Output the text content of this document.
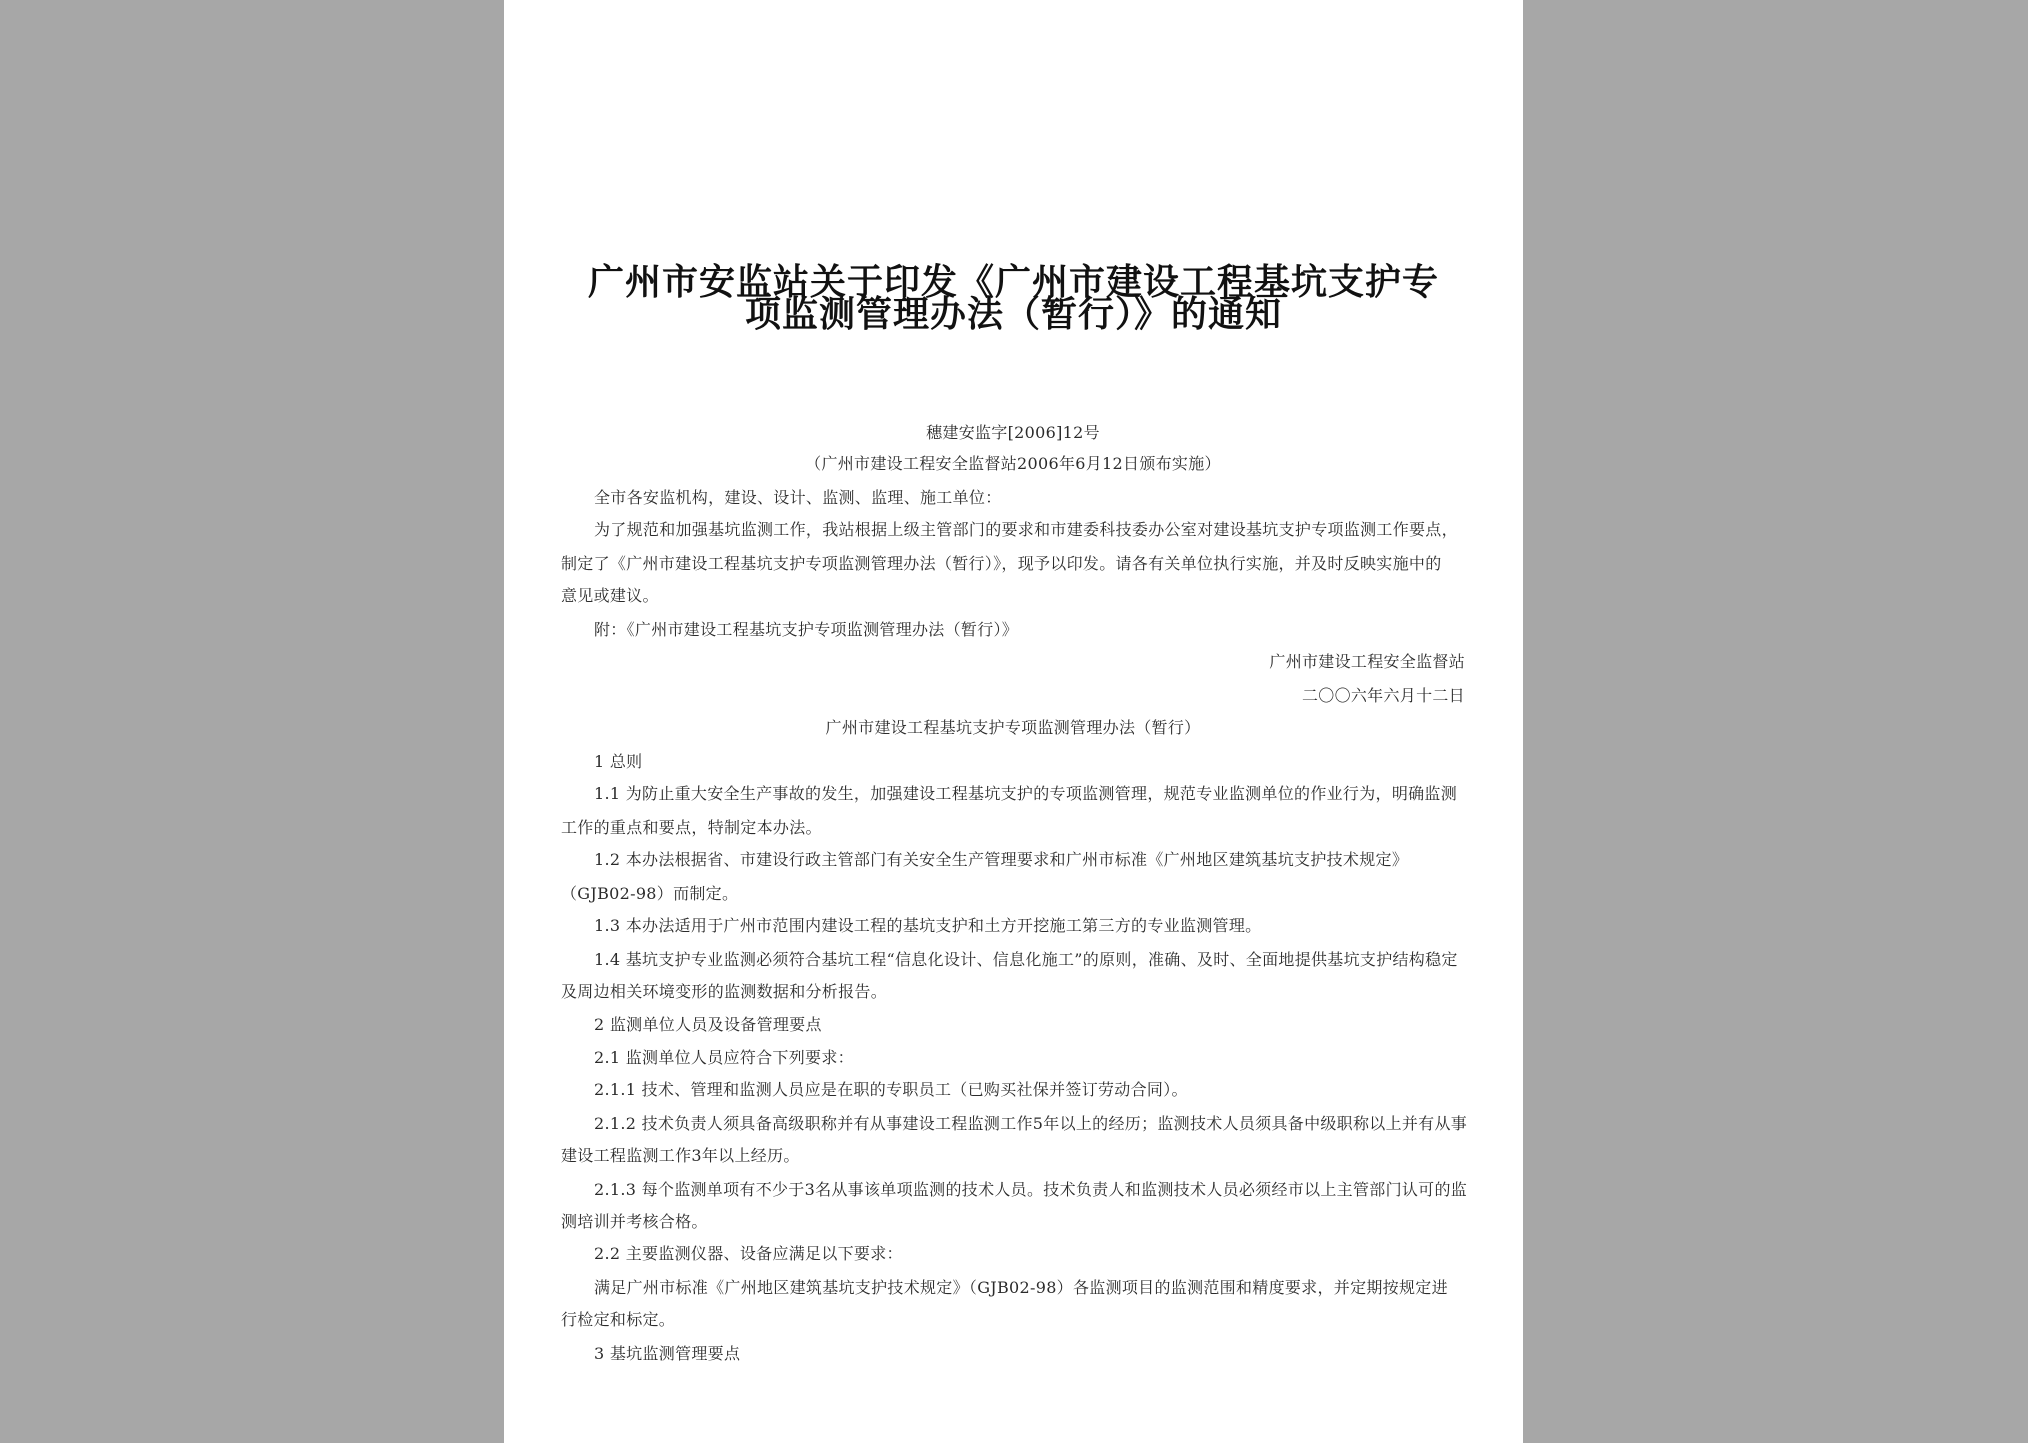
广州市安监站关于印发《广州市建设工程基坑支护专
项监测管理办法（暂行）》的通知
穗建安监字[2006]12号
（广州市建设工程安全监督站2006年6月12日颁布实施）
全市各安监机构，建设、设计、监测、监理、施工单位：
为了规范和加强基坑监测工作，我站根据上级主管部门的要求和市建委科技委办公室对建设基坑支护专项监测工作要点，
制定了《广州市建设工程基坑支护专项监测管理办法（暂行）》，现予以印发。请各有关单位执行实施，并及时反映实施中的
意见或建议。
附：《广州市建设工程基坑支护专项监测管理办法（暂行）》
广州市建设工程安全监督站
二〇〇六年六月十二日
广州市建设工程基坑支护专项监测管理办法（暂行）
1 总则
1.1 为防止重大安全生产事故的发生，加强建设工程基坑支护的专项监测管理，规范专业监测单位的作业行为，明确监测
工作的重点和要点，特制定本办法。
1.2 本办法根据省、市建设行政主管部门有关安全生产管理要求和广州市标准《广州地区建筑基坑支护技术规定》
（GJB02-98）而制定。
1.3 本办法适用于广州市范围内建设工程的基坑支护和土方开挖施工第三方的专业监测管理。
1.4 基坑支护专业监测必须符合基坑工程“信息化设计、信息化施工”的原则，准确、及时、全面地提供基坑支护结构稳定
及周边相关环境变形的监测数据和分析报告。
2 监测单位人员及设备管理要点
2.1 监测单位人员应符合下列要求：
2.1.1 技术、管理和监测人员应是在职的专职员工（已购买社保并签订劳动合同）。
2.1.2 技术负责人须具备高级职称并有从事建设工程监测工作5年以上的经历；监测技术人员须具备中级职称以上并有从事
建设工程监测工作3年以上经历。
2.1.3 每个监测单项有不少于3名从事该单项监测的技术人员。技术负责人和监测技术人员必须经市以上主管部门认可的监
测培训并考核合格。
2.2 主要监测仪器、设备应满足以下要求：
满足广州市标准《广州地区建筑基坑支护技术规定》（GJB02-98）各监测项目的监测范围和精度要求，并定期按规定进
行检定和标定。
3 基坑监测管理要点
